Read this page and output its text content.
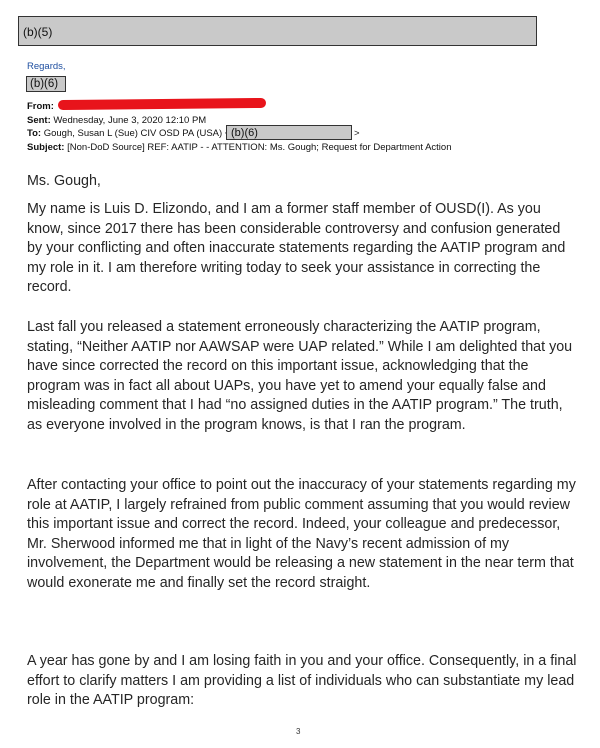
(b)(5)
Regards,
(b)(6)
From:
Sent: Wednesday, June 3, 2020 12:10 PM
To: Gough, Susan L (Sue) CIV OSD PA (USA) (b)(6)	>
Subject: [Non-DoD Source] REF: AATIP - - ATTENTION: Ms. Gough; Request for Department Action

Ms. Gough,

My name is Luis D. Elizondo, and I am a former staff member of OUSD(I). As you know, since 2017 there has been considerable controversy and confusion generated by your conflicting and often inaccurate statements regarding the AATIP program and my role in it. I am therefore writing today to seek your assistance in correcting the record.

Last fall you released a statement erroneously characterizing the AATIP program, stating, “Neither AATIP nor AAWSAP were UAP related.” While I am delighted that you have since corrected the record on this important issue, acknowledging that the program was in fact all about UAPs, you have yet to amend your equally false and misleading comment that I had “no assigned duties in the AATIP program.” The truth, as everyone involved in the program knows, is that I ran the program.

After contacting your office to point out the inaccuracy of your statements regarding my role at AATIP, I largely refrained from public comment assuming that you would review this important issue and correct the record. Indeed, your colleague and predecessor, Mr. Sherwood informed me that in light of the Navy’s recent admission of my involvement, the Department would be releasing a new statement in the near term that would exonerate me and finally set the record straight.

A year has gone by and I am losing faith in you and your office. Consequently, in a final effort to clarify matters I am providing a list of individuals who can substantiate my lead role in the AATIP program:

3
